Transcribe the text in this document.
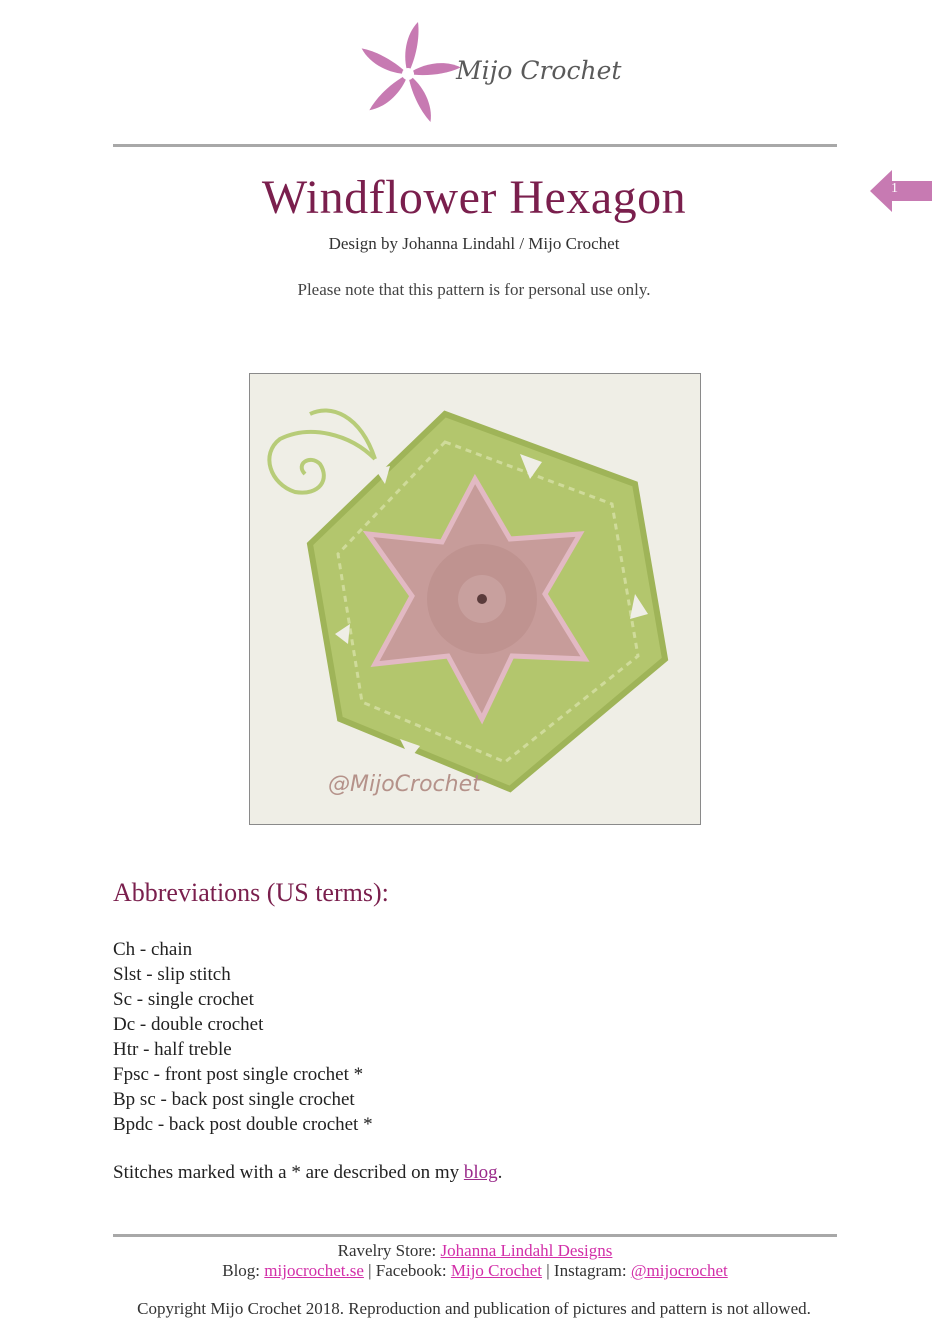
Mijo Crochet
1
Windflower Hexagon
Design by Johanna Lindahl / Mijo Crochet
Please note that this pattern is for personal use only.
@MijoCrochet
Abbreviations (US terms):
Ch - chain
Slst - slip stitch
Sc - single crochet
Dc - double crochet
Htr - half treble
Fpsc - front post single crochet *
Bp sc - back post single crochet
Bpdc - back post double crochet *
Stitches marked with a * are described on my blog.
Ravelry Store: Johanna Lindahl Designs
Blog: mijocrochet.se | Facebook: Mijo Crochet | Instagram: @mijocrochet
Copyright Mijo Crochet 2018. Reproduction and publication of pictures and pattern is not allowed.
